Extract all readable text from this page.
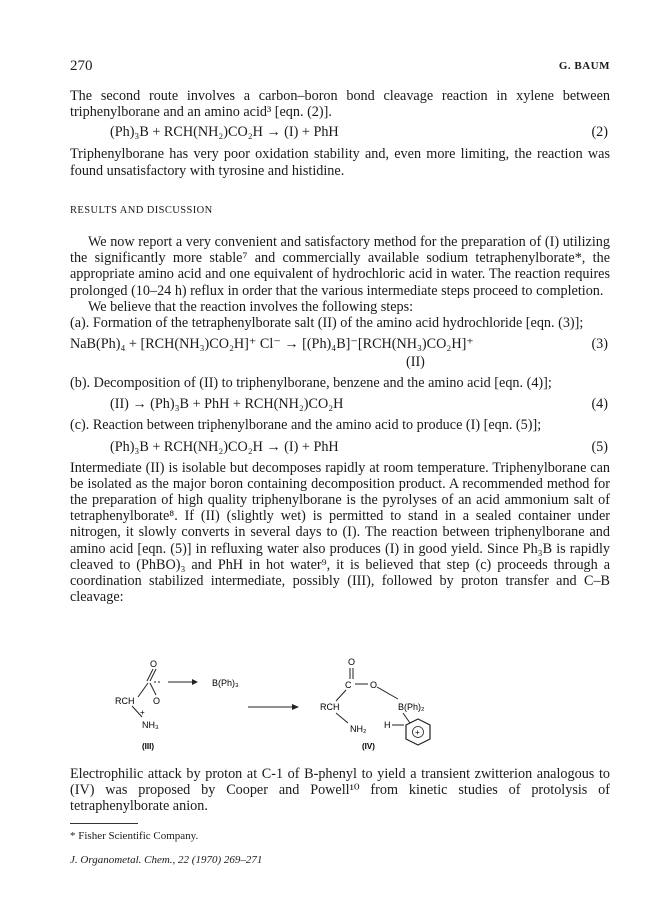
270	G. BAUM

The second route involves a carbon–boron bond cleavage reaction in xylene between triphenylborane and an amino acid³ [eqn. (2)].

(Ph)₃B + RCH(NH₂)CO₂H → (I) + PhH	(2)

Triphenylborane has very poor oxidation stability and, even more limiting, the reaction was found unsatisfactory with tyrosine and histidine.

RESULTS AND DISCUSSION

We now report a very convenient and satisfactory method for the preparation of (I) utilizing the significantly more stable⁷ and commercially available sodium tetraphenylborate*, the appropriate amino acid and one equivalent of hydrochloric acid in water. The reaction requires prolonged (10–24 h) reflux in order that the various intermediate steps proceed to completion.

We believe that the reaction involves the following steps:

(a). Formation of the tetraphenylborate salt (II) of the amino acid hydrochloride [eqn. (3)];

NaB(Ph)₄ + [RCH(NH₃)CO₂H]⁺ Cl⁻ → [(Ph)₄B]⁻[RCH(NH₃)CO₂H]⁺	(3)
(II)

(b). Decomposition of (II) to triphenylborane, benzene and the amino acid [eqn. (4)];

(II) → (Ph)₃B + PhH + RCH(NH₂)CO₂H	(4)

(c). Reaction between triphenylborane and the amino acid to produce (I) [eqn. (5)];

(Ph)₃B + RCH(NH₂)CO₂H → (I) + PhH	(5)

Intermediate (II) is isolable but decomposes rapidly at room temperature. Triphenylborane can be isolated as the major boron containing decomposition product. A recommended method for the preparation of high quality triphenylborane is the pyrolyses of an acid ammonium salt of tetraphenylborate⁸. If (II) (slightly wet) is permitted to stand in a sealed container under nitrogen, it slowly converts in several days to (I). The reaction between triphenylborane and amino acid [eqn. (5)] in refluxing water also produces (I) in good yield. Since Ph₃B is rapidly cleaved to (PhBO)₃ and PhH in hot water⁹, it is believed that step (c) proceeds through a coordination stabilized intermediate, possibly (III), followed by proton transfer and C–B cleavage:

O
O
B(Ph)₃
RCH
+
NH₃
(III)
O
C O
RCH
NH₂
B(Ph)₂
H
+
(IV)

Electrophilic attack by proton at C-1 of B-phenyl to yield a transient zwitterion analogous to (IV) was proposed by Cooper and Powell¹⁰ from kinetic studies of protolysis of tetraphenylborate anion.

* Fisher Scientific Company.

J. Organometal. Chem., 22 (1970) 269–271
